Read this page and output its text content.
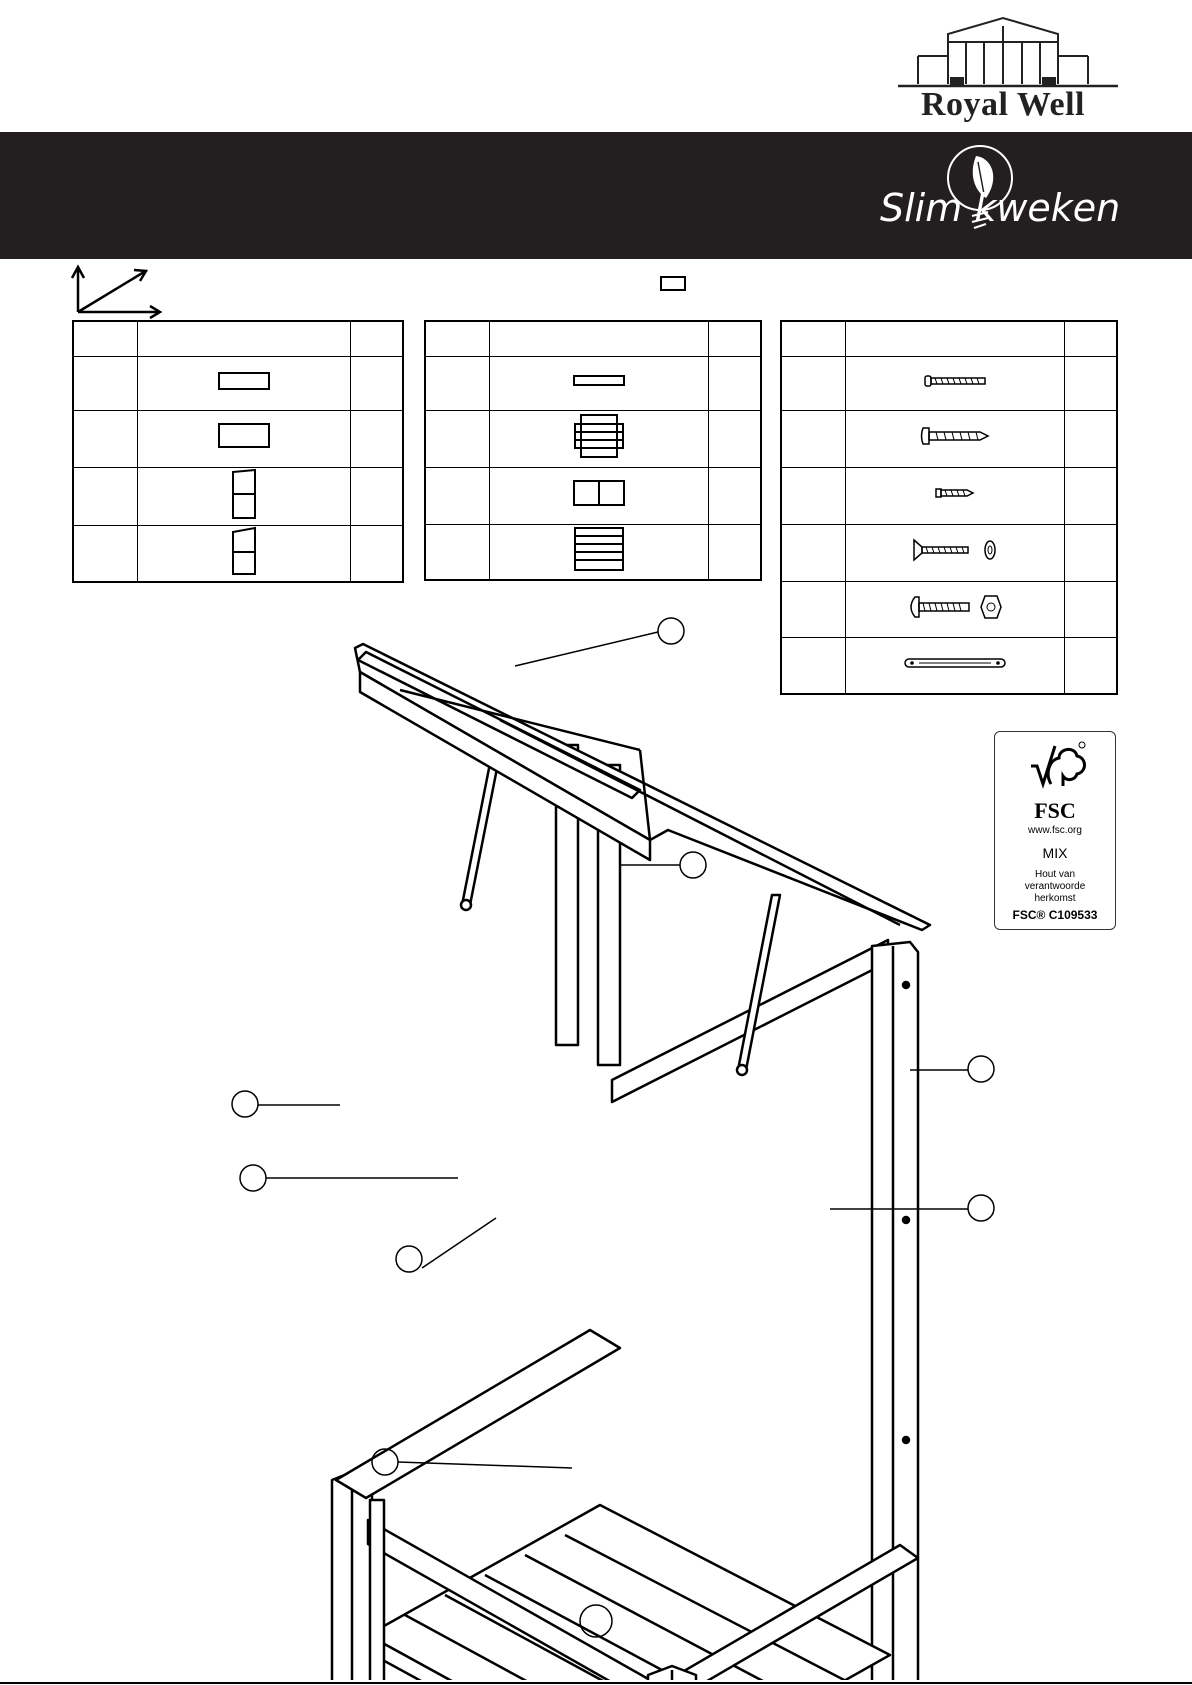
Royal Well
Slim kweken

FSC
www.fsc.org
MIX
Hout van
verantwoorde
herkomst
FSC® C109533
